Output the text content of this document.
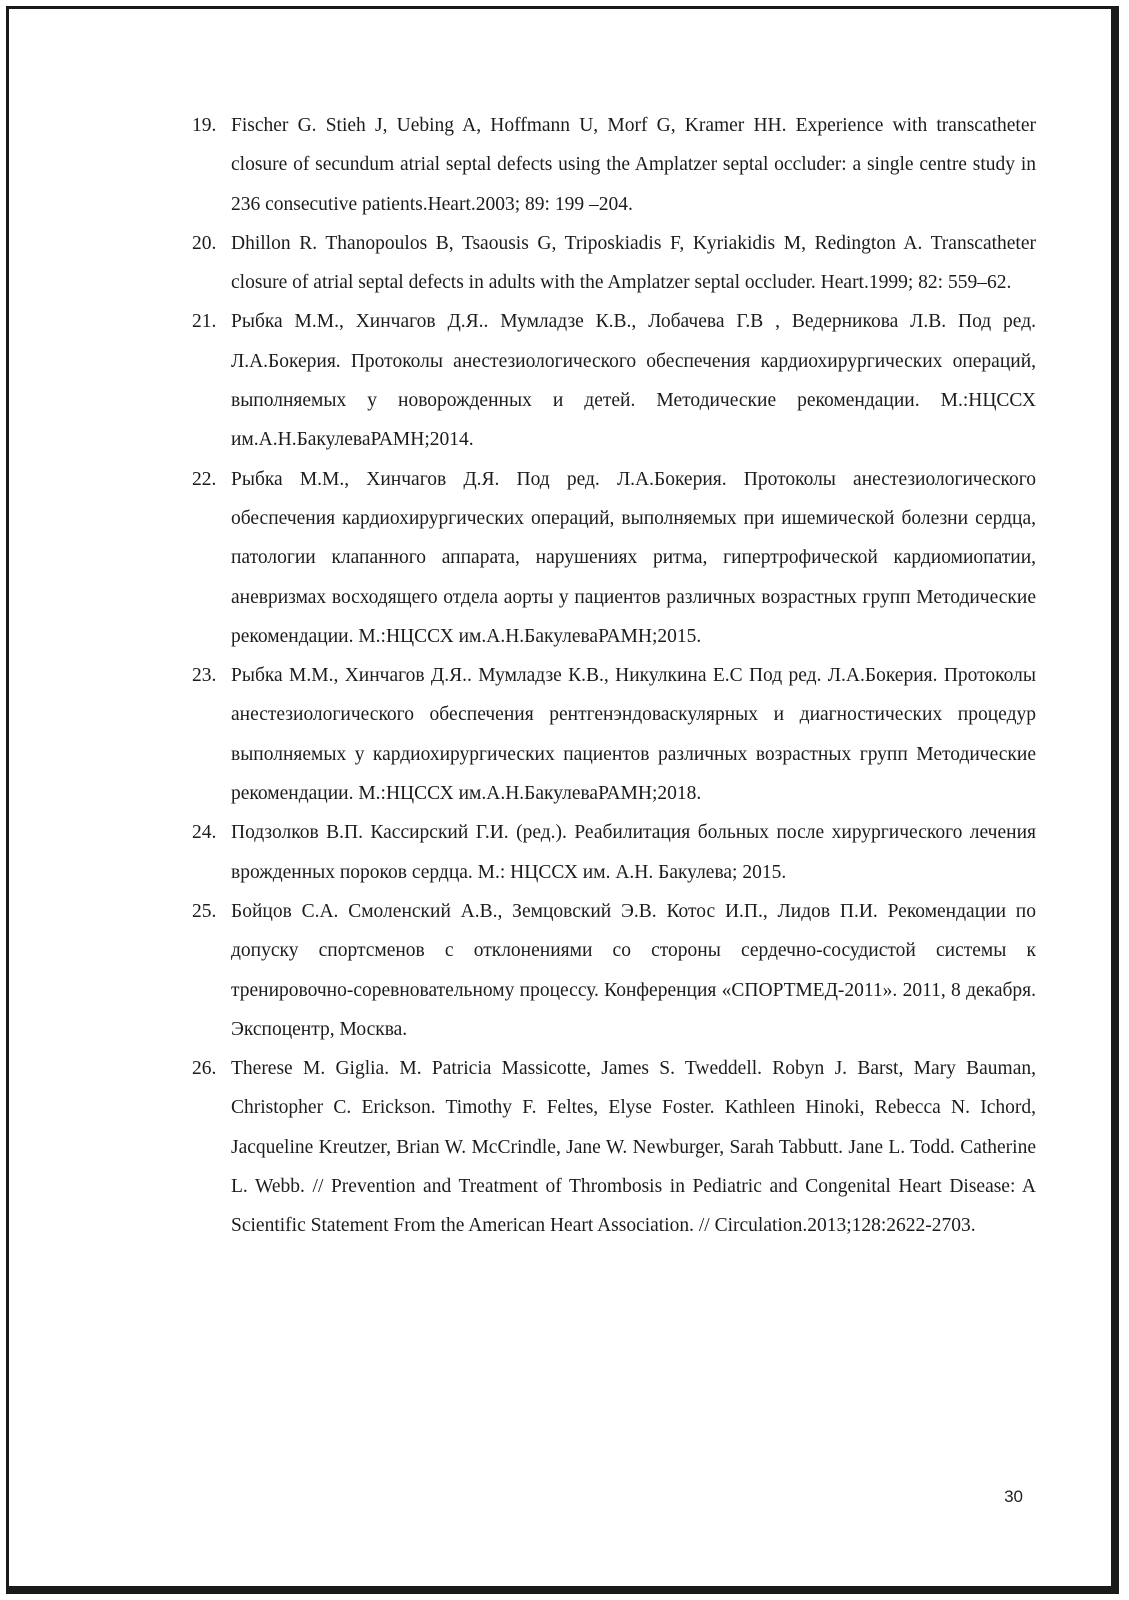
19. Fischer G. Stieh J, Uebing A, Hoffmann U, Morf G, Kramer HH. Experience with transcatheter closure of secundum atrial septal defects using the Amplatzer septal occluder: a single centre study in 236 consecutive patients.Heart.2003; 89: 199 –204.
20. Dhillon R. Thanopoulos B, Tsaousis G, Triposkiadis F, Kyriakidis M, Redington A. Transcatheter closure of atrial septal defects in adults with the Amplatzer septal occluder. Heart.1999; 82: 559–62.
21. Рыбка М.М., Хинчагов Д.Я.. Мумладзе К.В., Лобачева Г.В , Ведерникова Л.В. Под ред. Л.А.Бокерия. Протоколы анестезиологического обеспечения кардиохирургических операций, выполняемых у новорожденных и детей. Методические рекомендации. М.:НЦССХ им.А.Н.БакулеваРАМН;2014.
22. Рыбка М.М., Хинчагов Д.Я. Под ред. Л.А.Бокерия. Протоколы анестезиологического обеспечения кардиохирургических операций, выполняемых при ишемической болезни сердца, патологии клапанного аппарата, нарушениях ритма, гипертрофической кардиомиопатии, аневризмах восходящего отдела аорты у пациентов различных возрастных групп Методические рекомендации. М.:НЦССХ им.А.Н.БакулеваРАМН;2015.
23. Рыбка М.М., Хинчагов Д.Я.. Мумладзе К.В., Никулкина Е.С Под ред. Л.А.Бокерия. Протоколы анестезиологического обеспечения рентгенэндоваскулярных и диагностических процедур выполняемых у кардиохирургических пациентов различных возрастных групп Методические рекомендации. М.:НЦССХ им.А.Н.БакулеваРАМН;2018.
24. Подзолков В.П. Кассирский Г.И. (ред.). Реабилитация больных после хирургического лечения врожденных пороков сердца. М.: НЦССХ им. А.Н. Бакулева; 2015.
25. Бойцов С.А. Смоленский А.В., Земцовский Э.В. Котос И.П., Лидов П.И. Рекомендации по допуску спортсменов с отклонениями со стороны сердечно-сосудистой системы к тренировочно-соревновательному процессу. Конференция «СПОРТМЕД-2011». 2011, 8 декабря. Экспоцентр, Москва.
26. Therese M. Giglia. M. Patricia Massicotte, James S. Tweddell. Robyn J. Barst, Mary Bauman, Christopher C. Erickson. Timothy F. Feltes, Elyse Foster. Kathleen Hinoki, Rebecca N. Ichord, Jacqueline Kreutzer, Brian W. McCrindle, Jane W. Newburger, Sarah Tabbutt. Jane L. Todd. Catherine L. Webb. // Prevention and Treatment of Thrombosis in Pediatric and Congenital Heart Disease: A Scientific Statement From the American Heart Association. // Circulation.2013;128:2622-2703.
30
